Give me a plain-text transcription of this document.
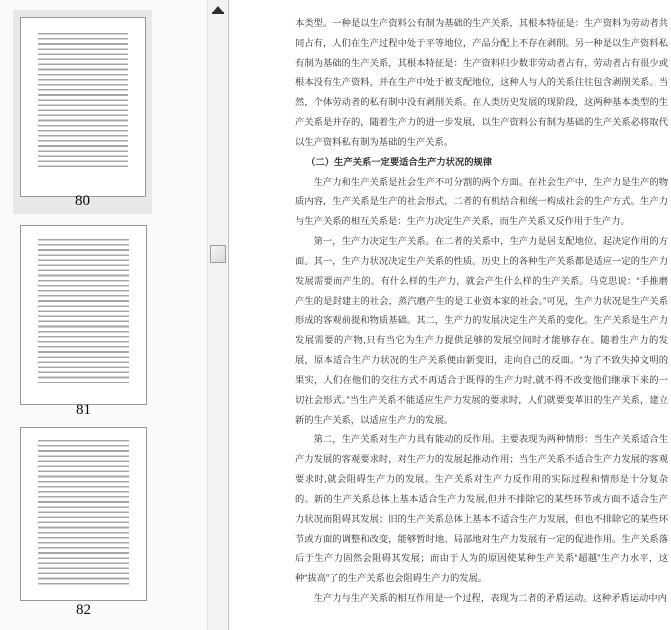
80
81
82

本类型。一种是以生产资料公有制为基础的生产关系，其根本特征是：生产资料为劳动者共同占有，人们在生产过程中处于平等地位，产品分配上不存在剥削。另一种是以生产资料私有制为基础的生产关系，其根本特征是：生产资料归少数非劳动者占有，劳动者占有很少或根本没有生产资料，并在生产中处于被支配地位，这种人与人的关系往往包含剥削关系。当然，个体劳动者的私有制中没有剥削关系。在人类历史发展的现阶段，这两种基本类型的生产关系是并存的，随着生产力的进一步发展，以生产资料公有制为基础的生产关系必将取代以生产资料私有制为基础的生产关系。

（二）生产关系一定要适合生产力状况的规律

生产力和生产关系是社会生产不可分割的两个方面。在社会生产中，生产力是生产的物质内容，生产关系是生产的社会形式，二者的有机结合和统一构成社会的生产方式。生产力与生产关系的相互关系是：生产力决定生产关系，而生产关系又反作用于生产力。

第一，生产力决定生产关系。在二者的关系中，生产力是居支配地位、起决定作用的方面。其一，生产力状况决定生产关系的性质。历史上的各种生产关系都是适应一定的生产力发展需要而产生的。有什么样的生产力，就会产生什么样的生产关系。马克思说：“手推磨产生的是封建主的社会，蒸汽磨产生的是工业资本家的社会。”可见，生产力状况是生产关系形成的客观前提和物质基础。其二，生产力的发展决定生产关系的变化。生产关系是生产力发展需要的产物,只有当它为生产力提供足够的发展空间时才能够存在。随着生产力的发展，原本适合生产力状况的生产关系便由新变旧，走向自己的反面。“为了不致失掉文明的果实，人们在他们的交往方式不再适合于既得的生产力时,就不得不改变他们继承下来的一切社会形式。”当生产关系不能适应生产力发展的要求时，人们就要变革旧的生产关系，建立新的生产关系，以适应生产力的发展。

第二，生产关系对生产力具有能动的反作用。主要表现为两种情形：当生产关系适合生产力发展的客观要求时，对生产力的发展起推动作用；当生产关系不适合生产力发展的客观要求时,就会阻碍生产力的发展。生产关系对生产力反作用的实际过程和情形是十分复杂的。新的生产关系总体上基本适合生产力发展,但并不排除它的某些环节或方面不适合生产力状况而阻碍其发展；旧的生产关系总体上基本不适合生产力发展，但也不排除它的某些环节或方面的调整和改变，能够暂时地、局部地对生产力发展有一定的促进作用。生产关系落后于生产力固然会阻碍其发展；而由于人为的原因使某种生产关系“超越”生产力水平，这种“拔高”了的生产关系也会阻碍生产力的发展。

生产力与生产关系的相互作用是一个过程，表现为二者的矛盾运动。这种矛盾运动中内
